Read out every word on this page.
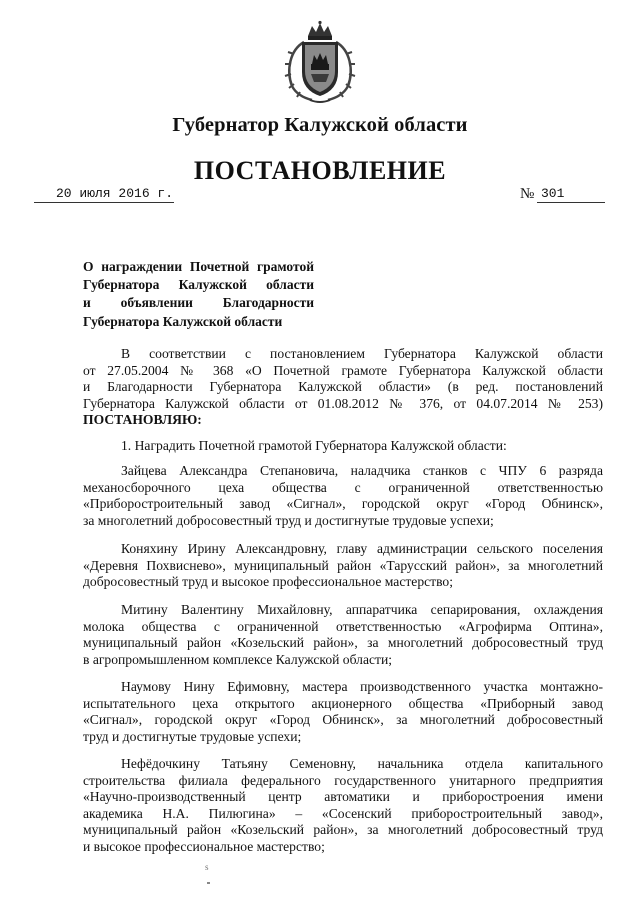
Губернатор Калужской области
ПОСТАНОВЛЕНИЕ
20 июля 2016 г.	№ 301
О награждении Почетной грамотой
Губернатора Калужской области
и объявлении Благодарности
Губернатора Калужской области
В соответствии с постановлением Губернатора Калужской области
от 27.05.2004 № 368 «О Почетной грамоте Губернатора Калужской области
и Благодарности Губернатора Калужской области» (в ред. постановлений
Губернатора Калужской области от 01.08.2012 № 376, от 04.07.2014 № 253)
ПОСТАНОВЛЯЮ:
1. Наградить Почетной грамотой Губернатора Калужской области:
Зайцева Александра Степановича, наладчика станков с ЧПУ 6 разряда
механосборочного цеха общества с ограниченной ответственностью
«Приборостроительный завод «Сигнал», городской округ «Город Обнинск»,
за многолетний добросовестный труд и достигнутые трудовые успехи;
Коняхину Ирину Александровну, главу администрации сельского поселения
«Деревня Похвиснево», муниципальный район «Тарусский район», за многолетний
добросовестный труд и высокое профессиональное мастерство;
Митину Валентину Михайловну, аппаратчика сепарирования, охлаждения
молока общества с ограниченной ответственностью «Агрофирма Оптина»,
муниципальный район «Козельский район», за многолетний добросовестный труд
в агропромышленном комплексе Калужской области;
Наумову Нину Ефимовну, мастера производственного участка монтажно-
испытательного цеха открытого акционерного общества «Приборный завод
«Сигнал», городской округ «Город Обнинск», за многолетний добросовестный
труд и достигнутые трудовые успехи;
Нефёдочкину Татьяну Семеновну, начальника отдела капитального
строительства филиала федерального государственного унитарного предприятия
«Научно-производственный центр автоматики и приборостроения имени
академика Н.А. Пилюгина» – «Сосенский приборостроительный завод»,
муниципальный район «Козельский район», за многолетний добросовестный труд
и высокое профессиональное мастерство;
ѕ
